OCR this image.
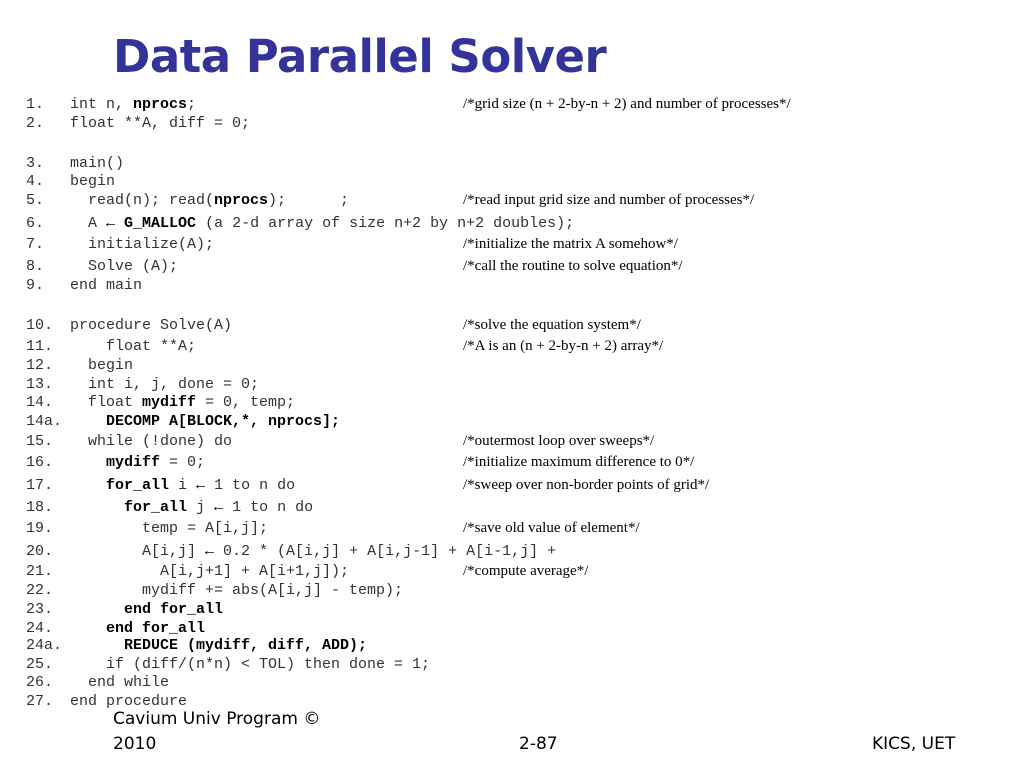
Data Parallel Solver
1. int n, nprocs;	/*grid size (n + 2-by-n + 2) and number of processes*/
2. float **A, diff = 0;
3. main()
4. begin
5. read(n); read(nprocs);      ;	/*read input grid size and number of processes*/
6. A ← G_MALLOC (a 2-d array of size n+2 by n+2 doubles);
7. initialize(A);	/*initialize the matrix A somehow*/
8. Solve (A);	/*call the routine to solve equation*/
9. end main
10. procedure Solve(A)	/*solve the equation system*/
11. float **A;	/*A is an (n + 2-by-n + 2) array*/
12. begin
13. int i, j, done = 0;
14. float mydiff = 0, temp;
14a.	DECOMP A[BLOCK,*, nprocs];
15. while (!done) do	/*outermost loop over sweeps*/
16.	mydiff = 0;	/*initialize maximum difference to 0*/
17.	for_all i ← 1 to n do	/*sweep over non-border points of grid*/
18.	for_all j ← 1 to n do
19. temp = A[i,j];	/*save old value of element*/
20. A[i,j] ← 0.2 * (A[i,j] + A[i,j-1] + A[i-1,j] +
21. A[i,j+1] + A[i+1,j]);	/*compute average*/
22. mydiff += abs(A[i,j] - temp);
23.	end for_all
24.	end for_all
24a.	REDUCE (mydiff, diff, ADD);
25. if (diff/(n*n) < TOL) then done = 1;
26. end while
27. end procedure
Cavium Univ Program ©
2010	2-87	KICS, UET
